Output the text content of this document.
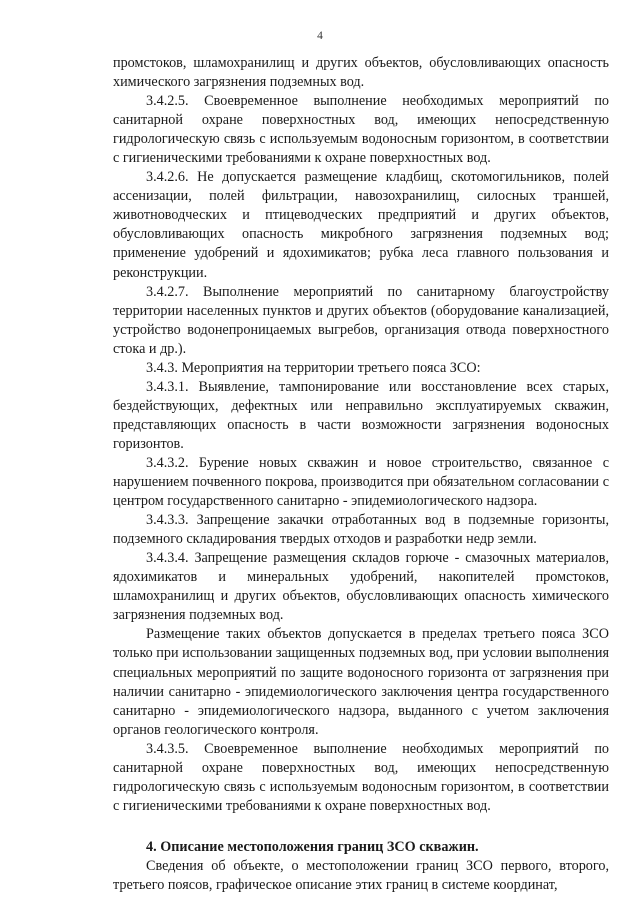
4

промстоков, шламохранилищ и других объектов, обусловливающих опасность химического загрязнения подземных вод.

3.4.2.5. Своевременное выполнение необходимых мероприятий по санитарной охране поверхностных вод, имеющих непосредственную гидрологическую связь с используемым водоносным горизонтом, в соответствии с гигиеническими требованиями к охране поверхностных вод.

3.4.2.6. Не допускается размещение кладбищ, скотомогильников, полей ассенизации, полей фильтрации, навозохранилищ, силосных траншей, животноводческих и птицеводческих предприятий и других объектов, обусловливающих опасность микробного загрязнения подземных вод; применение удобрений и ядохимикатов; рубка леса главного пользования и реконструкции.

3.4.2.7. Выполнение мероприятий по санитарному благоустройству территории населенных пунктов и других объектов (оборудование канализацией, устройство водонепроницаемых выгребов, организация отвода поверхностного стока и др.).

3.4.3. Мероприятия на территории третьего пояса ЗСО:

3.4.3.1. Выявление, тампонирование или восстановление всех старых, бездействующих, дефектных или неправильно эксплуатируемых скважин, представляющих опасность в части возможности загрязнения водоносных горизонтов.

3.4.3.2. Бурение новых скважин и новое строительство, связанное с нарушением почвенного покрова, производится при обязательном согласовании с центром государственного санитарно - эпидемиологического надзора.

3.4.3.3. Запрещение закачки отработанных вод в подземные горизонты, подземного складирования твердых отходов и разработки недр земли.

3.4.3.4. Запрещение размещения складов горюче - смазочных материалов, ядохимикатов и минеральных удобрений, накопителей промстоков, шламохранилищ и других объектов, обусловливающих опасность химического загрязнения подземных вод.

Размещение таких объектов допускается в пределах третьего пояса ЗСО только при использовании защищенных подземных вод, при условии выполнения специальных мероприятий по защите водоносного горизонта от загрязнения при наличии санитарно - эпидемиологического заключения центра государственного санитарно - эпидемиологического надзора, выданного с учетом заключения органов геологического контроля.

3.4.3.5. Своевременное выполнение необходимых мероприятий по санитарной охране поверхностных вод, имеющих непосредственную гидрологическую связь с используемым водоносным горизонтом, в соответствии с гигиеническими требованиями к охране поверхностных вод.

4. Описание местоположения границ ЗСО скважин.

Сведения об объекте, о местоположении границ ЗСО первого, второго, третьего поясов, графическое описание этих границ в системе координат,
